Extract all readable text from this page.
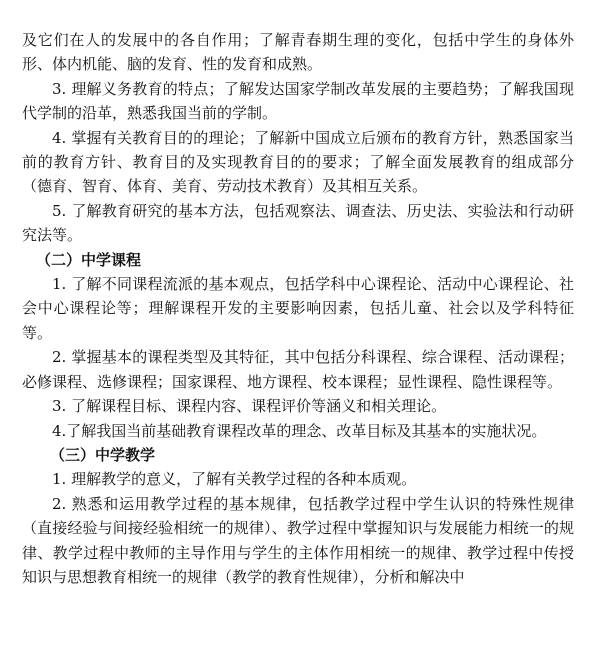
及它们在人的发展中的各自作用；了解青春期生理的变化，包括中学生的身体外形、体内机能、脑的发育、性的发育和成熟。

3. 理解义务教育的特点；了解发达国家学制改革发展的主要趋势；了解我国现代学制的沿革，熟悉我国当前的学制。

4. 掌握有关教育目的的理论；了解新中国成立后颁布的教育方针，熟悉国家当前的教育方针、教育目的及实现教育目的的要求；了解全面发展教育的组成部分（德育、智育、体育、美育、劳动技术教育）及其相互关系。

5. 了解教育研究的基本方法，包括观察法、调查法、历史法、实验法和行动研究法等。

（二）中学课程

1. 了解不同课程流派的基本观点，包括学科中心课程论、活动中心课程论、社会中心课程论等；理解课程开发的主要影响因素，包括儿童、社会以及学科特征等。

2. 掌握基本的课程类型及其特征，其中包括分科课程、综合课程、活动课程；必修课程、选修课程；国家课程、地方课程、校本课程；显性课程、隐性课程等。

3. 了解课程目标、课程内容、课程评价等涵义和相关理论。

4.了解我国当前基础教育课程改革的理念、改革目标及其基本的实施状况。

（三）中学教学

1. 理解教学的意义，了解有关教学过程的各种本质观。

2. 熟悉和运用教学过程的基本规律，包括教学过程中学生认识的特殊性规律（直接经验与间接经验相统一的规律）、教学过程中掌握知识与发展能力相统一的规律、教学过程中教师的主导作用与学生的主体作用相统一的规律、教学过程中传授知识与思想教育相统一的规律（教学的教育性规律），分析和解决中
